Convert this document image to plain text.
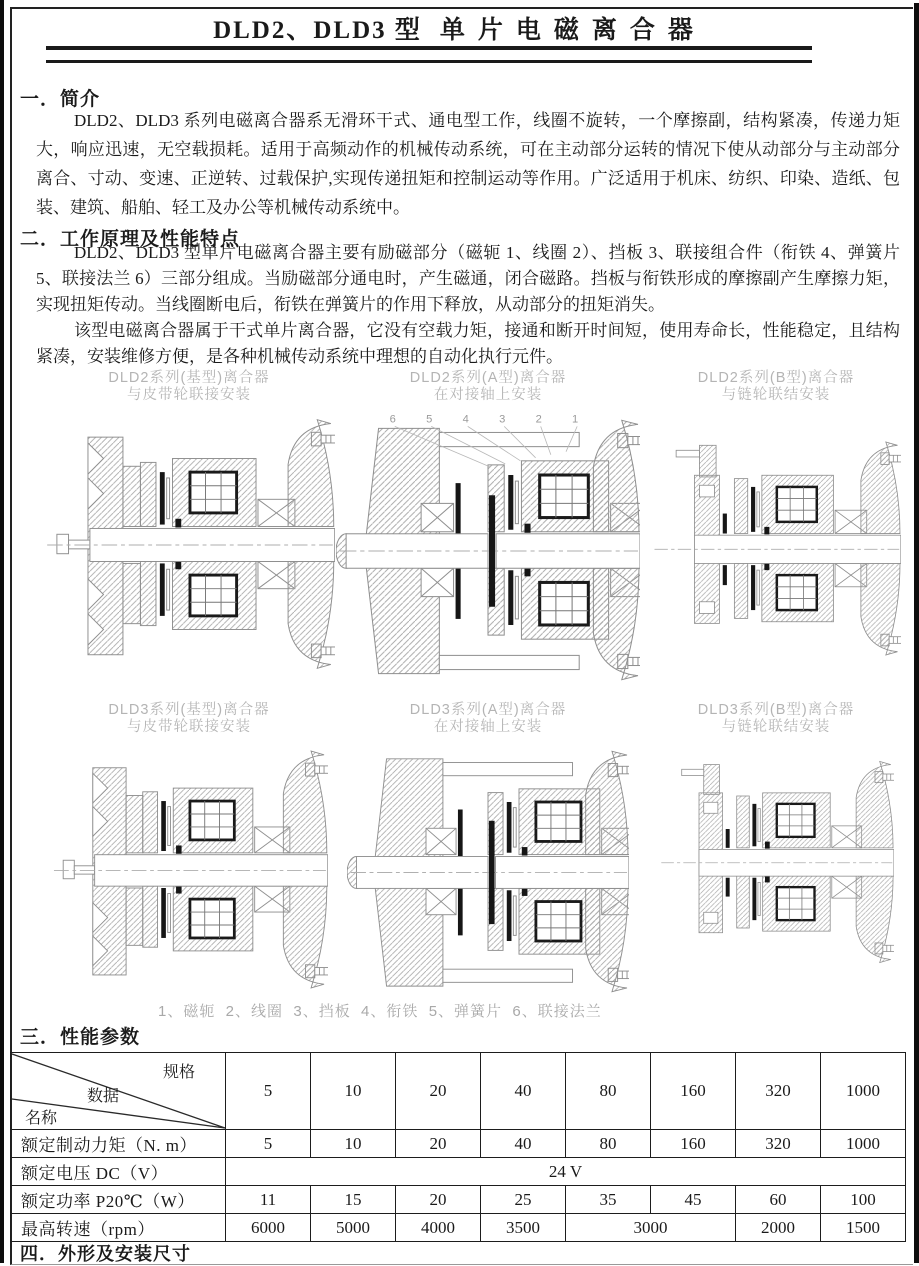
DLD2、DLD3 型 单片电磁离合器
一．简介

DLD2、DLD3 系列电磁离合器系无滑环干式、通电型工作，线圈不旋转，一个摩擦副，结构紧凑，传递力矩大，响应迅速，无空载损耗。适用于高频动作的机械传动系统，可在主动部分运转的情况下使从动部分与主动部分离合、寸动、变速、正逆转、过载保护,实现传递扭矩和控制运动等作用。广泛适用于机床、纺织、印染、造纸、包装、建筑、船舶、轻工及办公等机械传动系统中。

二．工作原理及性能特点

DLD2、DLD3 型单片电磁离合器主要有励磁部分（磁轭 1、线圈 2）、挡板 3、联接组合件（衔铁 4、弹簧片 5、联接法兰 6）三部分组成。当励磁部分通电时，产生磁通，闭合磁路。挡板与衔铁形成的摩擦副产生摩擦力矩，实现扭矩传动。当线圈断电后，衔铁在弹簧片的作用下释放，从动部分的扭矩消失。

该型电磁离合器属于干式单片离合器，它没有空载力矩，接通和断开时间短，使用寿命长，性能稳定，且结构紧凑，安装维修方便，是各种机械传动系统中理想的自动化执行元件。

DLD2系列(基型)离合器
与皮带轮联接安装
DLD2系列(A型)离合器
在对接轴上安装
6	5	4	3	2	1
DLD2系列(B型)离合器
与链轮联结安装
DLD3系列(基型)离合器
与皮带轮联接安装
DLD3系列(A型)离合器
在对接轴上安装
DLD3系列(B型)离合器
与链轮联结安装
1、磁轭  2、线圈  3、挡板  4、衔铁  5、弹簧片  6、联接法兰
三．性能参数
规格
数据
名称	5	10	20	40	80	160	320	1000
额定制动力矩（N. m）	5	10	20	40	80	160	320	1000
额定电压 DC（V）	24 V							
额定功率 P20℃（W）	11	15	20	25	35	45	60	100
最高转速（rpm）	6000	5000	4000	3500	3000		2000	1500
四．外形及安装尺寸
